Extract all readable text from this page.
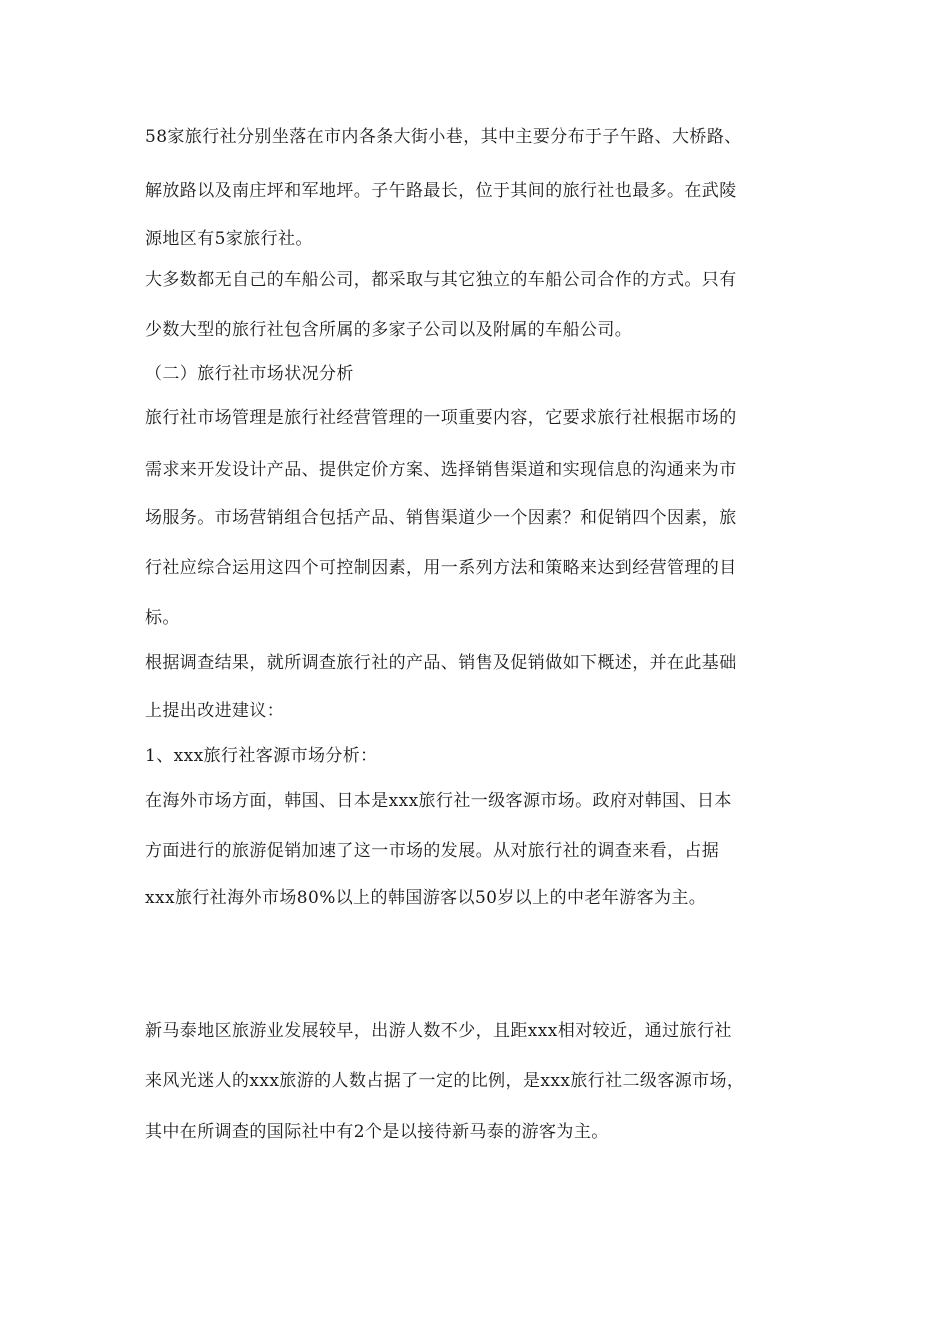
58家旅行社分别坐落在市内各条大街小巷，其中主要分布于子午路、大桥路、
解放路以及南庄坪和军地坪。子午路最长，位于其间的旅行社也最多。在武陵
源地区有5家旅行社。
大多数都无自己的车船公司，都采取与其它独立的车船公司合作的方式。只有
少数大型的旅行社包含所属的多家子公司以及附属的车船公司。
（二）旅行社市场状况分析
旅行社市场管理是旅行社经营管理的一项重要内容，它要求旅行社根据市场的
需求来开发设计产品、提供定价方案、选择销售渠道和实现信息的沟通来为市
场服务。市场营销组合包括产品、销售渠道少一个因素？和促销四个因素，旅
行社应综合运用这四个可控制因素，用一系列方法和策略来达到经营管理的目
标。
根据调查结果，就所调查旅行社的产品、销售及促销做如下概述，并在此基础
上提出改进建议：
1、xxx旅行社客源市场分析：
在海外市场方面，韩国、日本是xxx旅行社一级客源市场。政府对韩国、日本
方面进行的旅游促销加速了这一市场的发展。从对旅行社的调查来看，占据
xxx旅行社海外市场80%以上的韩国游客以50岁以上的中老年游客为主。
新马泰地区旅游业发展较早，出游人数不少，且距xxx相对较近，通过旅行社
来风光迷人的xxx旅游的人数占据了一定的比例，是xxx旅行社二级客源市场，
其中在所调查的国际社中有2个是以接待新马泰的游客为主。
